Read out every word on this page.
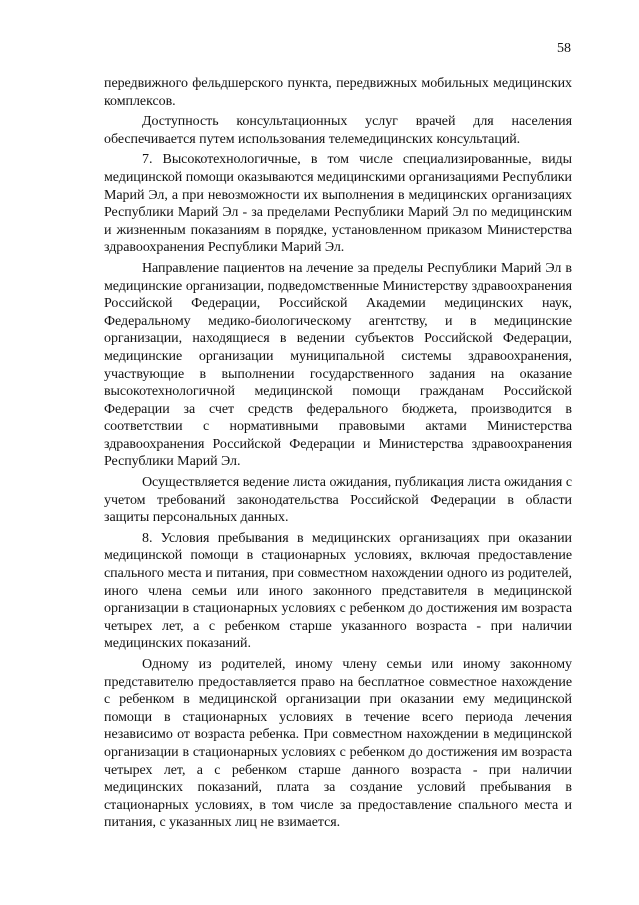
58

передвижного фельдшерского пункта, передвижных мобильных медицинских комплексов.

Доступность консультационных услуг врачей для населения обеспечивается путем использования телемедицинских консультаций.

7. Высокотехнологичные, в том числе специализированные, виды медицинской помощи оказываются медицинскими организациями Республики Марий Эл, а при невозможности их выполнения в медицинских организациях Республики Марий Эл - за пределами Республики Марий Эл по медицинским и жизненным показаниям в порядке, установленном приказом Министерства здравоохранения Республики Марий Эл.

Направление пациентов на лечение за пределы Республики Марий Эл в медицинские организации, подведомственные Министерству здравоохранения Российской Федерации, Российской Академии медицинских наук, Федеральному медико-биологическому агентству, и в медицинские организации, находящиеся в ведении субъектов Российской Федерации, медицинские организации муниципальной системы здравоохранения, участвующие в выполнении государственного задания на оказание высокотехнологичной медицинской помощи гражданам Российской Федерации за счет средств федерального бюджета, производится в соответствии с нормативными правовыми актами Министерства здравоохранения Российской Федерации и Министерства здравоохранения Республики Марий Эл.

Осуществляется ведение листа ожидания, публикация листа ожидания с учетом требований законодательства Российской Федерации в области защиты персональных данных.

8. Условия пребывания в медицинских организациях при оказании медицинской помощи в стационарных условиях, включая предоставление спального места и питания, при совместном нахождении одного из родителей, иного члена семьи или иного законного представителя в медицинской организации в стационарных условиях с ребенком до достижения им возраста четырех лет, а с ребенком старше указанного возраста - при наличии медицинских показаний.

Одному из родителей, иному члену семьи или иному законному представителю предоставляется право на бесплатное совместное нахождение с ребенком в медицинской организации при оказании ему медицинской помощи в стационарных условиях в течение всего периода лечения независимо от возраста ребенка. При совместном нахождении в медицинской организации в стационарных условиях с ребенком до достижения им возраста четырех лет, а с ребенком старше данного возраста - при наличии медицинских показаний, плата за создание условий пребывания в стационарных условиях, в том числе за предоставление спального места и питания, с указанных лиц не взимается.
